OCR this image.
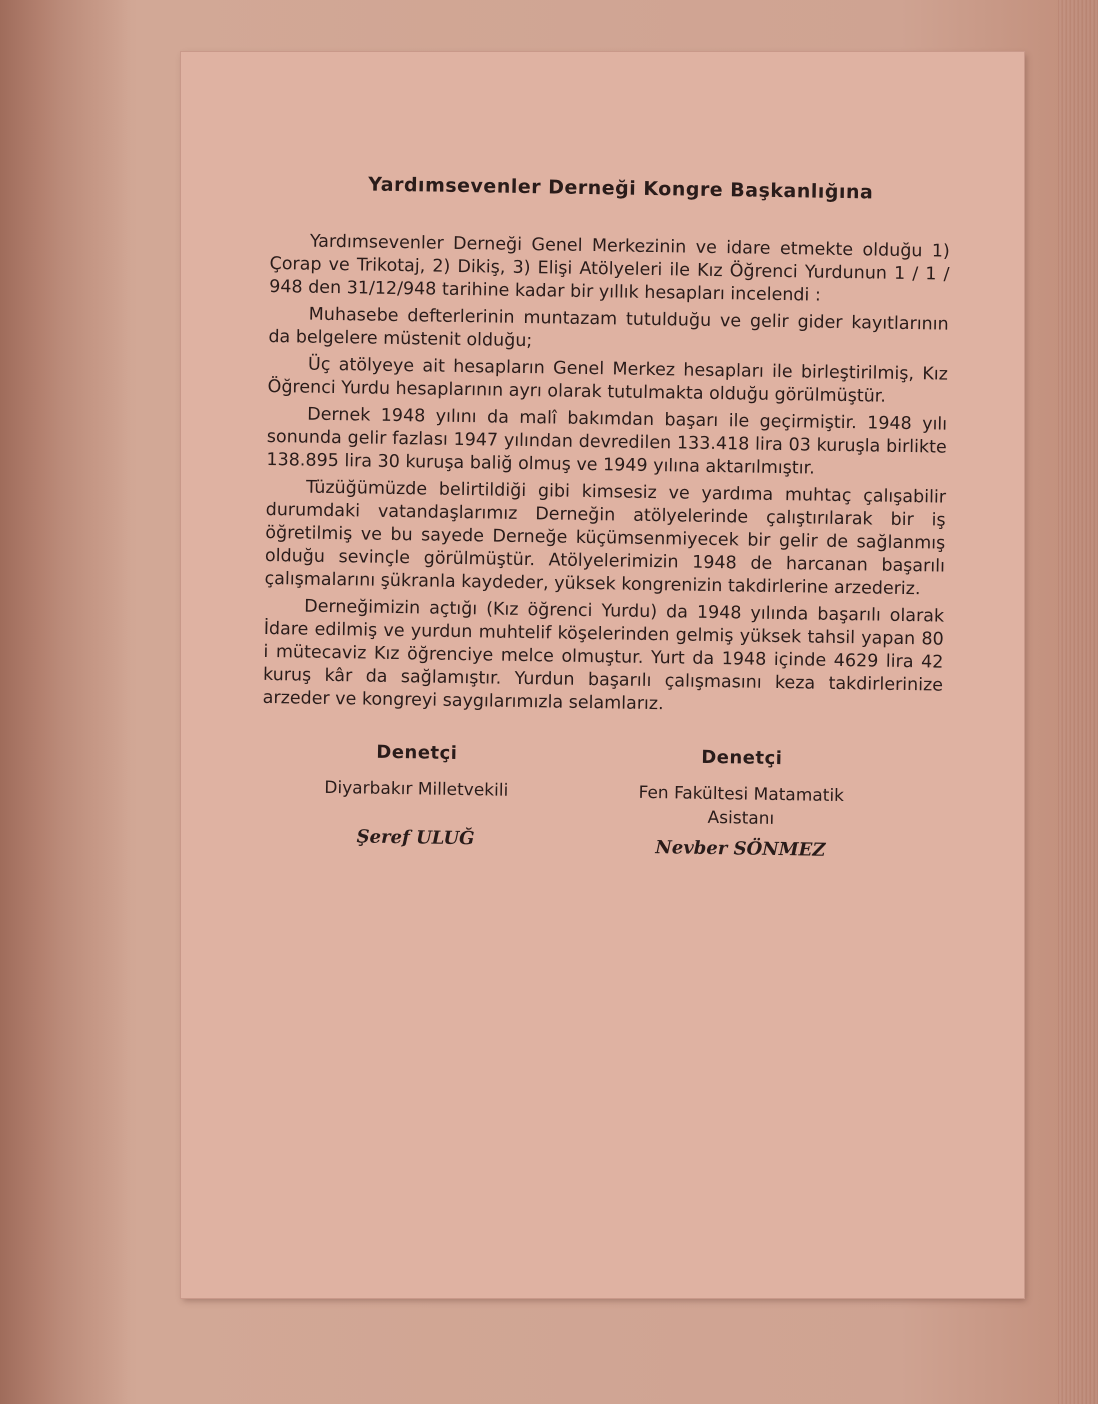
Yardımsevenler Derneği Kongre Başkanlığına

Yardımsevenler Derneği Genel Merkezinin ve idare etmekte olduğu 1) Çorap ve Trikotaj, 2) Dikiş, 3) Elişi Atölyeleri ile Kız Öğrenci Yurdunun 1 / 1 / 948 den 31/12/948 tarihine kadar bir yıllık hesapları incelendi :

Muhasebe defterlerinin muntazam tutulduğu ve gelir gider kayıtlarının da belgelere müstenit olduğu;

Üç atölyeye ait hesapların Genel Merkez hesapları ile birleştirilmiş, Kız Öğrenci Yurdu hesaplarının ayrı olarak tutulmakta olduğu görülmüştür.

Dernek 1948 yılını da malî bakımdan başarı ile geçirmiştir. 1948 yılı sonunda gelir fazlası 1947 yılından devredilen 133.418 lira 03 kuruşla birlikte 138.895 lira 30 kuruşa baliğ olmuş ve 1949 yılına aktarılmıştır.

Tüzüğümüzde belirtildiği gibi kimsesiz ve yardıma muhtaç çalışabilir durumdaki vatandaşlarımız Derneğin atölyelerinde çalıştırılarak bir iş öğretilmiş ve bu sayede Derneğe küçümsenmiyecek bir gelir de sağlanmış olduğu sevinçle görülmüştür. Atölyelerimizin 1948 de harcanan başarılı çalışmalarını şükranla kaydeder, yüksek kongrenizin takdirlerine arzederiz.

Derneğimizin açtığı (Kız öğrenci Yurdu) da 1948 yılında başarılı olarak İdare edilmiş ve yurdun muhtelif köşelerinden gelmiş yüksek tahsil yapan 80 i mütecaviz Kız öğrenciye melce olmuştur. Yurt da 1948 içinde 4629 lira 42 kuruş kâr da sağlamıştır. Yurdun başarılı çalışmasını keza takdirlerinize arzeder ve kongreyi saygılarımızla selamlarız.

Denetçi
Diyarbakır Milletvekili
Şeref ULUĞ
Denetçi
Fen Fakültesi Matamatik
Asistanı
Nevber SÖNMEZ
